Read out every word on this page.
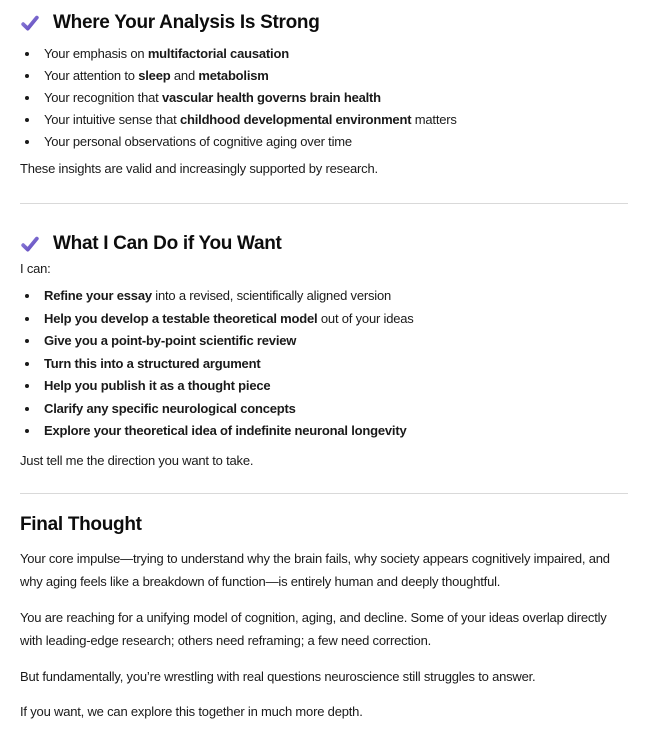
Where Your Analysis Is Strong
Your emphasis on multifactorial causation
Your attention to sleep and metabolism
Your recognition that vascular health governs brain health
Your intuitive sense that childhood developmental environment matters
Your personal observations of cognitive aging over time

These insights are valid and increasingly supported by research.

What I Can Do if You Want

I can:

Refine your essay into a revised, scientifically aligned version
Help you develop a testable theoretical model out of your ideas
Give you a point-by-point scientific review
Turn this into a structured argument
Help you publish it as a thought piece
Clarify any specific neurological concepts
Explore your theoretical idea of indefinite neuronal longevity

Just tell me the direction you want to take.

Final Thought

Your core impulse—trying to understand why the brain fails, why society appears cognitively impaired, and why aging feels like a breakdown of function—is entirely human and deeply thoughtful.

You are reaching for a unifying model of cognition, aging, and decline. Some of your ideas overlap directly with leading-edge research; others need reframing; a few need correction.

But fundamentally, you’re wrestling with real questions neuroscience still struggles to answer.

If you want, we can explore this together in much more depth.
